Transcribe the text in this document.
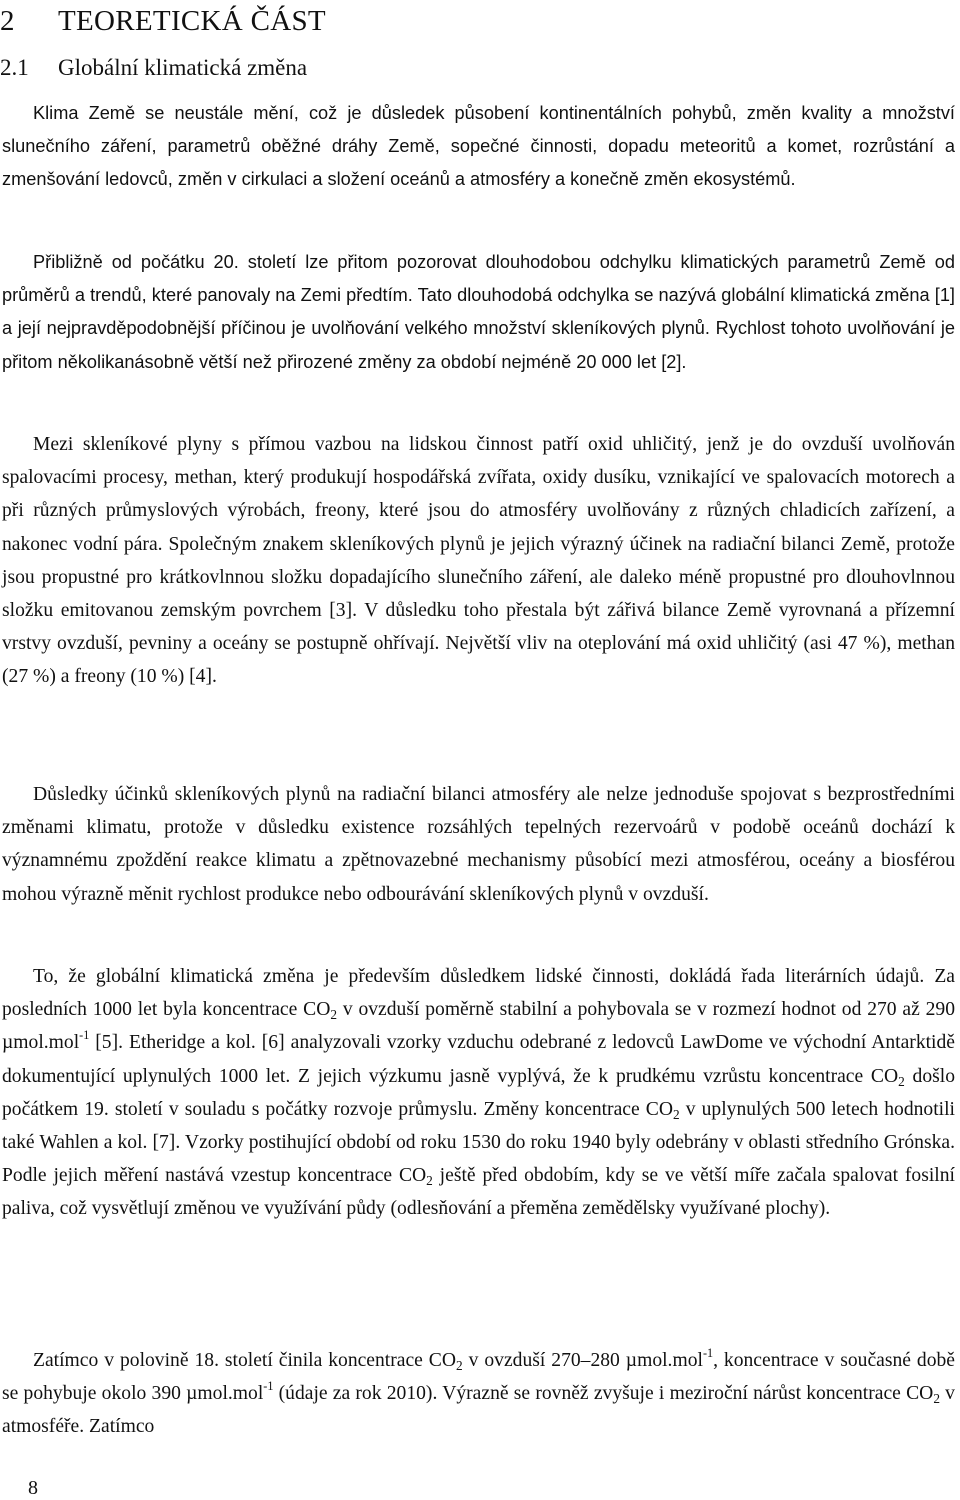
2 TEORETICKÁ ČÁST
2.1 Globální klimatická změna

Klima Země se neustále mění, což je důsledek působení kontinentálních pohybů, změn kvality a množství slunečního záření, parametrů oběžné dráhy Země, sopečné činnosti, dopadu meteoritů a komet, rozrůstání a zmenšování ledovců, změn v cirkulaci a složení oceánů a atmosféry a konečně změn ekosystémů.

Přibližně od počátku 20. století lze přitom pozorovat dlouhodobou odchylku klimatických parametrů Země od průměrů a trendů, které panovaly na Zemi předtím. Tato dlouhodobá odchylka se nazývá globální klimatická změna [1] a její nejpravděpodobnější příčinou je uvolňování velkého množství skleníkových plynů. Rychlost tohoto uvolňování je přitom několikanásobně větší než přirozené změny za období nejméně 20 000 let [2].

Mezi skleníkové plyny s přímou vazbou na lidskou činnost patří oxid uhličitý, jenž je do ovzduší uvolňován spalovacími procesy, methan, který produkují hospodářská zvířata, oxidy dusíku, vznikající ve spalovacích motorech a při různých průmyslových výrobách, freony, které jsou do atmosféry uvolňovány z různých chladicích zařízení, a nakonec vodní pára. Společným znakem skleníkových plynů je jejich výrazný účinek na radiační bilanci Země, protože jsou propustné pro krátkovlnnou složku dopadajícího slunečního záření, ale daleko méně propustné pro dlouhovlnnou složku emitovanou zemským povrchem [3]. V důsledku toho přestala být zářivá bilance Země vyrovnaná a přízemní vrstvy ovzduší, pevniny a oceány se postupně ohřívají. Největší vliv na oteplování má oxid uhličitý (asi 47 %), methan (27 %) a freony (10 %) [4].

Důsledky účinků skleníkových plynů na radiační bilanci atmosféry ale nelze jednoduše spojovat s bezprostředními změnami klimatu, protože v důsledku existence rozsáhlých tepelných rezervoárů v podobě oceánů dochází k významnému zpoždění reakce klimatu a zpětnovazebné mechanismy působící mezi atmosférou, oceány a biosférou mohou výrazně měnit rychlost produkce nebo odbourávání skleníkových plynů v ovzduší.

To, že globální klimatická změna je především důsledkem lidské činnosti, dokládá řada literárních údajů. Za posledních 1000 let byla koncentrace $CO_2$ v ovzduší poměrně stabilní a pohybovala se v rozmezí hodnot od 270 až 290 µmol.mol$^{-1}$ [5]. Etheridge a kol. [6] analyzovali vzorky vzduchu odebrané z ledovců LawDome ve východní Antarktidě dokumentující uplynulých 1000 let. Z jejich výzkumu jasně vyplývá, že k prudkému vzrůstu koncentrace $CO_2$ došlo počátkem 19. století v souladu s počátky rozvoje průmyslu. Změny koncentrace $CO_2$ v uplynulých 500 letech hodnotili také Wahlen a kol. [7]. Vzorky postihující období od roku 1530 do roku 1940 byly odebrány v oblasti středního Grónska. Podle jejich měření nastává vzestup koncentrace $CO_2$ ještě před obdobím, kdy se ve větší míře začala spalovat fosilní paliva, což vysvětlují změnou ve využívání půdy (odlesňování a přeměna zemědělsky využívané plochy).

Zatímco v polovině 18. století činila koncentrace $CO_2$ v ovzduší 270–280 µmol.mol$^{-1}$, koncentrace v současné době se pohybuje okolo 390 µmol.mol$^{-1}$ (údaje za rok 2010). Výrazně se rovněž zvyšuje i meziroční nárůst koncentrace $CO_2$ v atmosféře. Zatímco

8
